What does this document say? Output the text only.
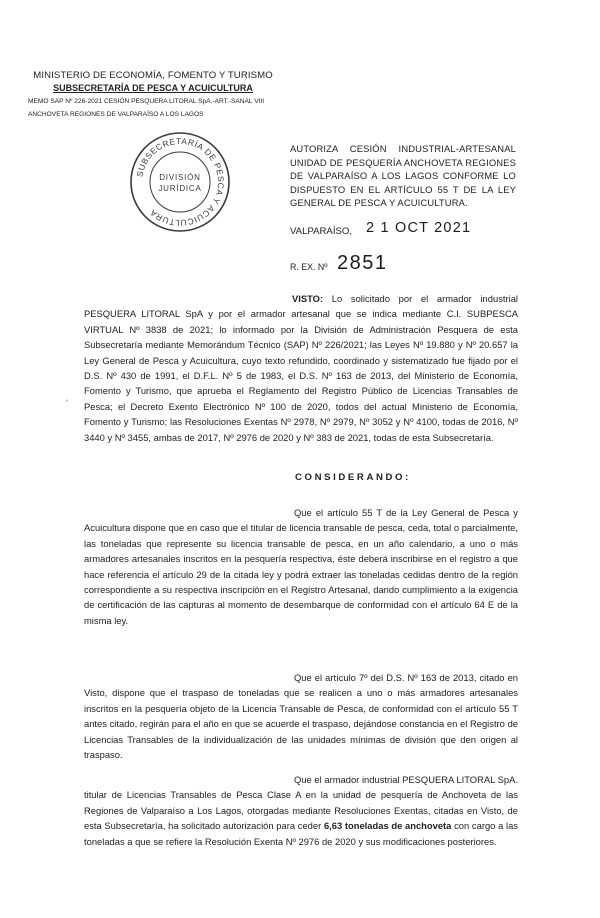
MINISTERIO DE ECONOMÍA, FOMENTO Y TURISMO
SUBSECRETARÍA DE PESCA Y ACUICULTURA
MEMO SAP Nº 226-2021 CESIÓN PESQUERA LITORAL SpA.-ART.-SANAL VIII
ANCHOVETA REGIONES DE VALPARAÍSO A LOS LAGOS
SUBSECRETARÍA DE PESCA Y ACUICULTURA
DIVISIÓN
JURÍDICA
AUTORIZA CESIÓN INDUSTRIAL-ARTESANAL UNIDAD DE PESQUERÍA ANCHOVETA REGIONES DE VALPARAÍSO A LOS LAGOS CONFORME LO DISPUESTO EN EL ARTÍCULO 55 T DE LA LEY GENERAL DE PESCA Y ACUICULTURA.
VALPARAÍSO, 2 1 OCT 2021
R. EX. Nº 2851
'
VISTO: Lo solicitado por el armador industrial PESQUERA LITORAL SpA y por el armador artesanal que se indica mediante C.I. SUBPESCA VIRTUAL Nº 3838 de 2021; lo informado por la División de Administración Pesquera de esta Subsecretaría mediante Memorándum Técnico (SAP) Nº 226/2021; las Leyes Nº 19.880 y Nº 20.657 la Ley General de Pesca y Acuicultura, cuyo texto refundido, coordinado y sistematizado fue fijado por el D.S. Nº 430 de 1991, el D.F.L. Nº 5 de 1983, el D.S. Nº 163 de 2013, del Ministerio de Economía, Fomento y Turismo, que aprueba el Reglamento del Registro Público de Licencias Transables de Pesca; el Decreto Exento Electrónico Nº 100 de 2020, todos del actual Ministerio de Economía, Fomento y Turismo; las Resoluciones Exentas Nº 2978, Nº 2979, Nº 3052 y Nº 4100, todas de 2016, Nº 3440 y Nº 3455, ambas de 2017, Nº 2976 de 2020 y Nº 383 de 2021, todas de esta Subsecretaría.
CONSIDERANDO:
Que el artículo 55 T de la Ley General de Pesca y Acuicultura dispone que en caso que el titular de licencia transable de pesca, ceda, total o parcialmente, las toneladas que represente su licencia transable de pesca, en un año calendario, a uno o más armadores artesanales inscritos en la pesquería respectiva, éste deberá inscribirse en el registro a que hace referencia el artículo 29 de la citada ley y podrá extraer las toneladas cedidas dentro de la región correspondiente a su respectiva inscripción en el Registro Artesanal, dando cumplimiento a la exigencia de certificación de las capturas al momento de desembarque de conformidad con el artículo 64 E de la misma ley.
Que el artículo 7º del D.S. Nº 163 de 2013, citado en Visto, dispone que el traspaso de toneladas que se realicen a uno o más armadores artesanales inscritos en la pesquería objeto de la Licencia Transable de Pesca, de conformidad con el artículo 55 T antes citado, regirán para el año en que se acuerde el traspaso, dejándose constancia en el Registro de Licencias Transables de la individualización de las unidades mínimas de división que den origen al traspaso.
Que el armador industrial PESQUERA LITORAL SpA. titular de Licencias Transables de Pesca Clase A en la unidad de pesquería de Anchoveta de las Regiones de Valparaíso a Los Lagos, otorgadas mediante Resoluciones Exentas, citadas en Visto, de esta Subsecretaría, ha solicitado autorización para ceder 6,63 toneladas de anchoveta con cargo a las toneladas a que se refiere la Resolución Exenta Nº 2976 de 2020 y sus modificaciones posteriores.
